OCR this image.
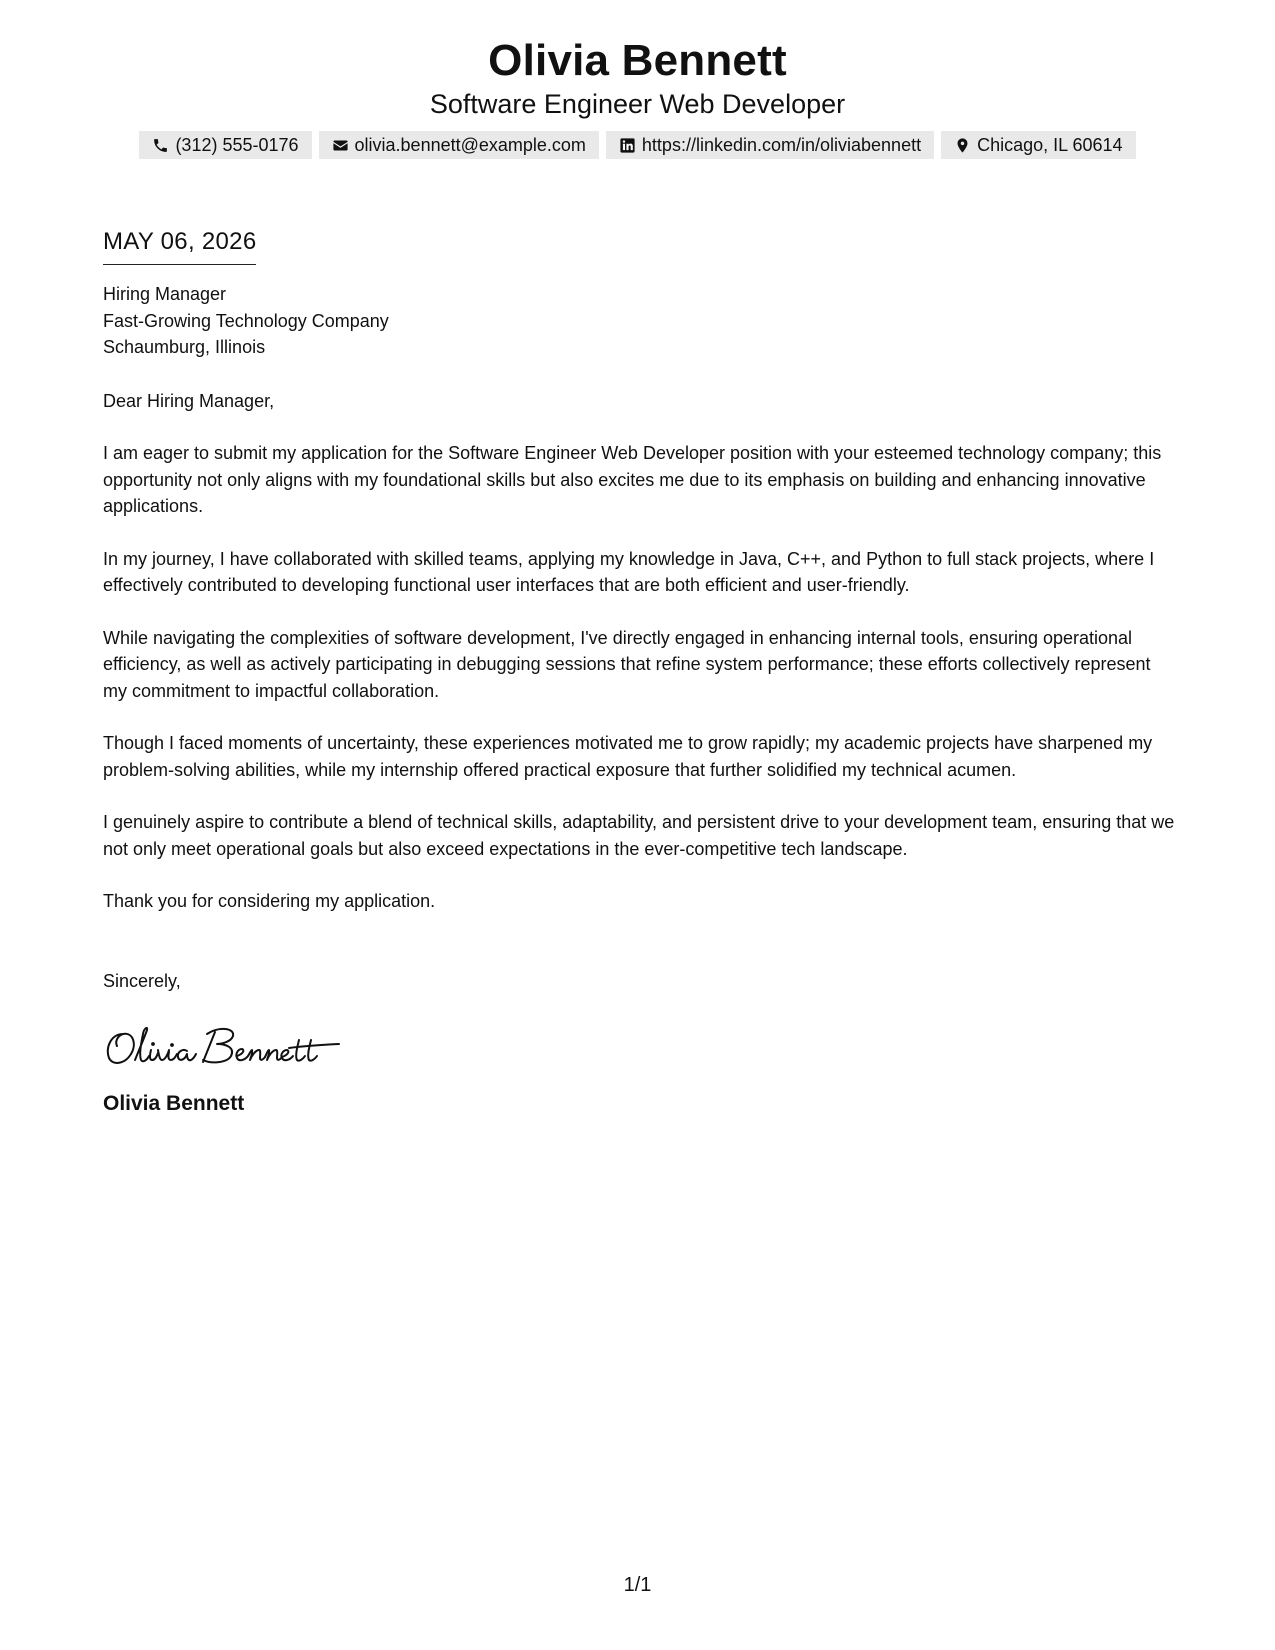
Olivia Bennett
Software Engineer Web Developer
(312) 555-0176	olivia.bennett@example.com	https://linkedin.com/in/oliviabennett	Chicago, IL 60614
MAY 06, 2026
Hiring Manager
Fast-Growing Technology Company
Schaumburg, Illinois

Dear Hiring Manager,

I am eager to submit my application for the Software Engineer Web Developer position with your esteemed technology company; this opportunity not only aligns with my foundational skills but also excites me due to its emphasis on building and enhancing innovative applications.

In my journey, I have collaborated with skilled teams, applying my knowledge in Java, C++, and Python to full stack projects, where I effectively contributed to developing functional user interfaces that are both efficient and user-friendly.

While navigating the complexities of software development, I've directly engaged in enhancing internal tools, ensuring operational efficiency, as well as actively participating in debugging sessions that refine system performance; these efforts collectively represent my commitment to impactful collaboration.

Though I faced moments of uncertainty, these experiences motivated me to grow rapidly; my academic projects have sharpened my problem-solving abilities, while my internship offered practical exposure that further solidified my technical acumen.

I genuinely aspire to contribute a blend of technical skills, adaptability, and persistent drive to your development team, ensuring that we not only meet operational goals but also exceed expectations in the ever-competitive tech landscape.

Thank you for considering my application.

Sincerely,

Olivia Bennett
1/1
